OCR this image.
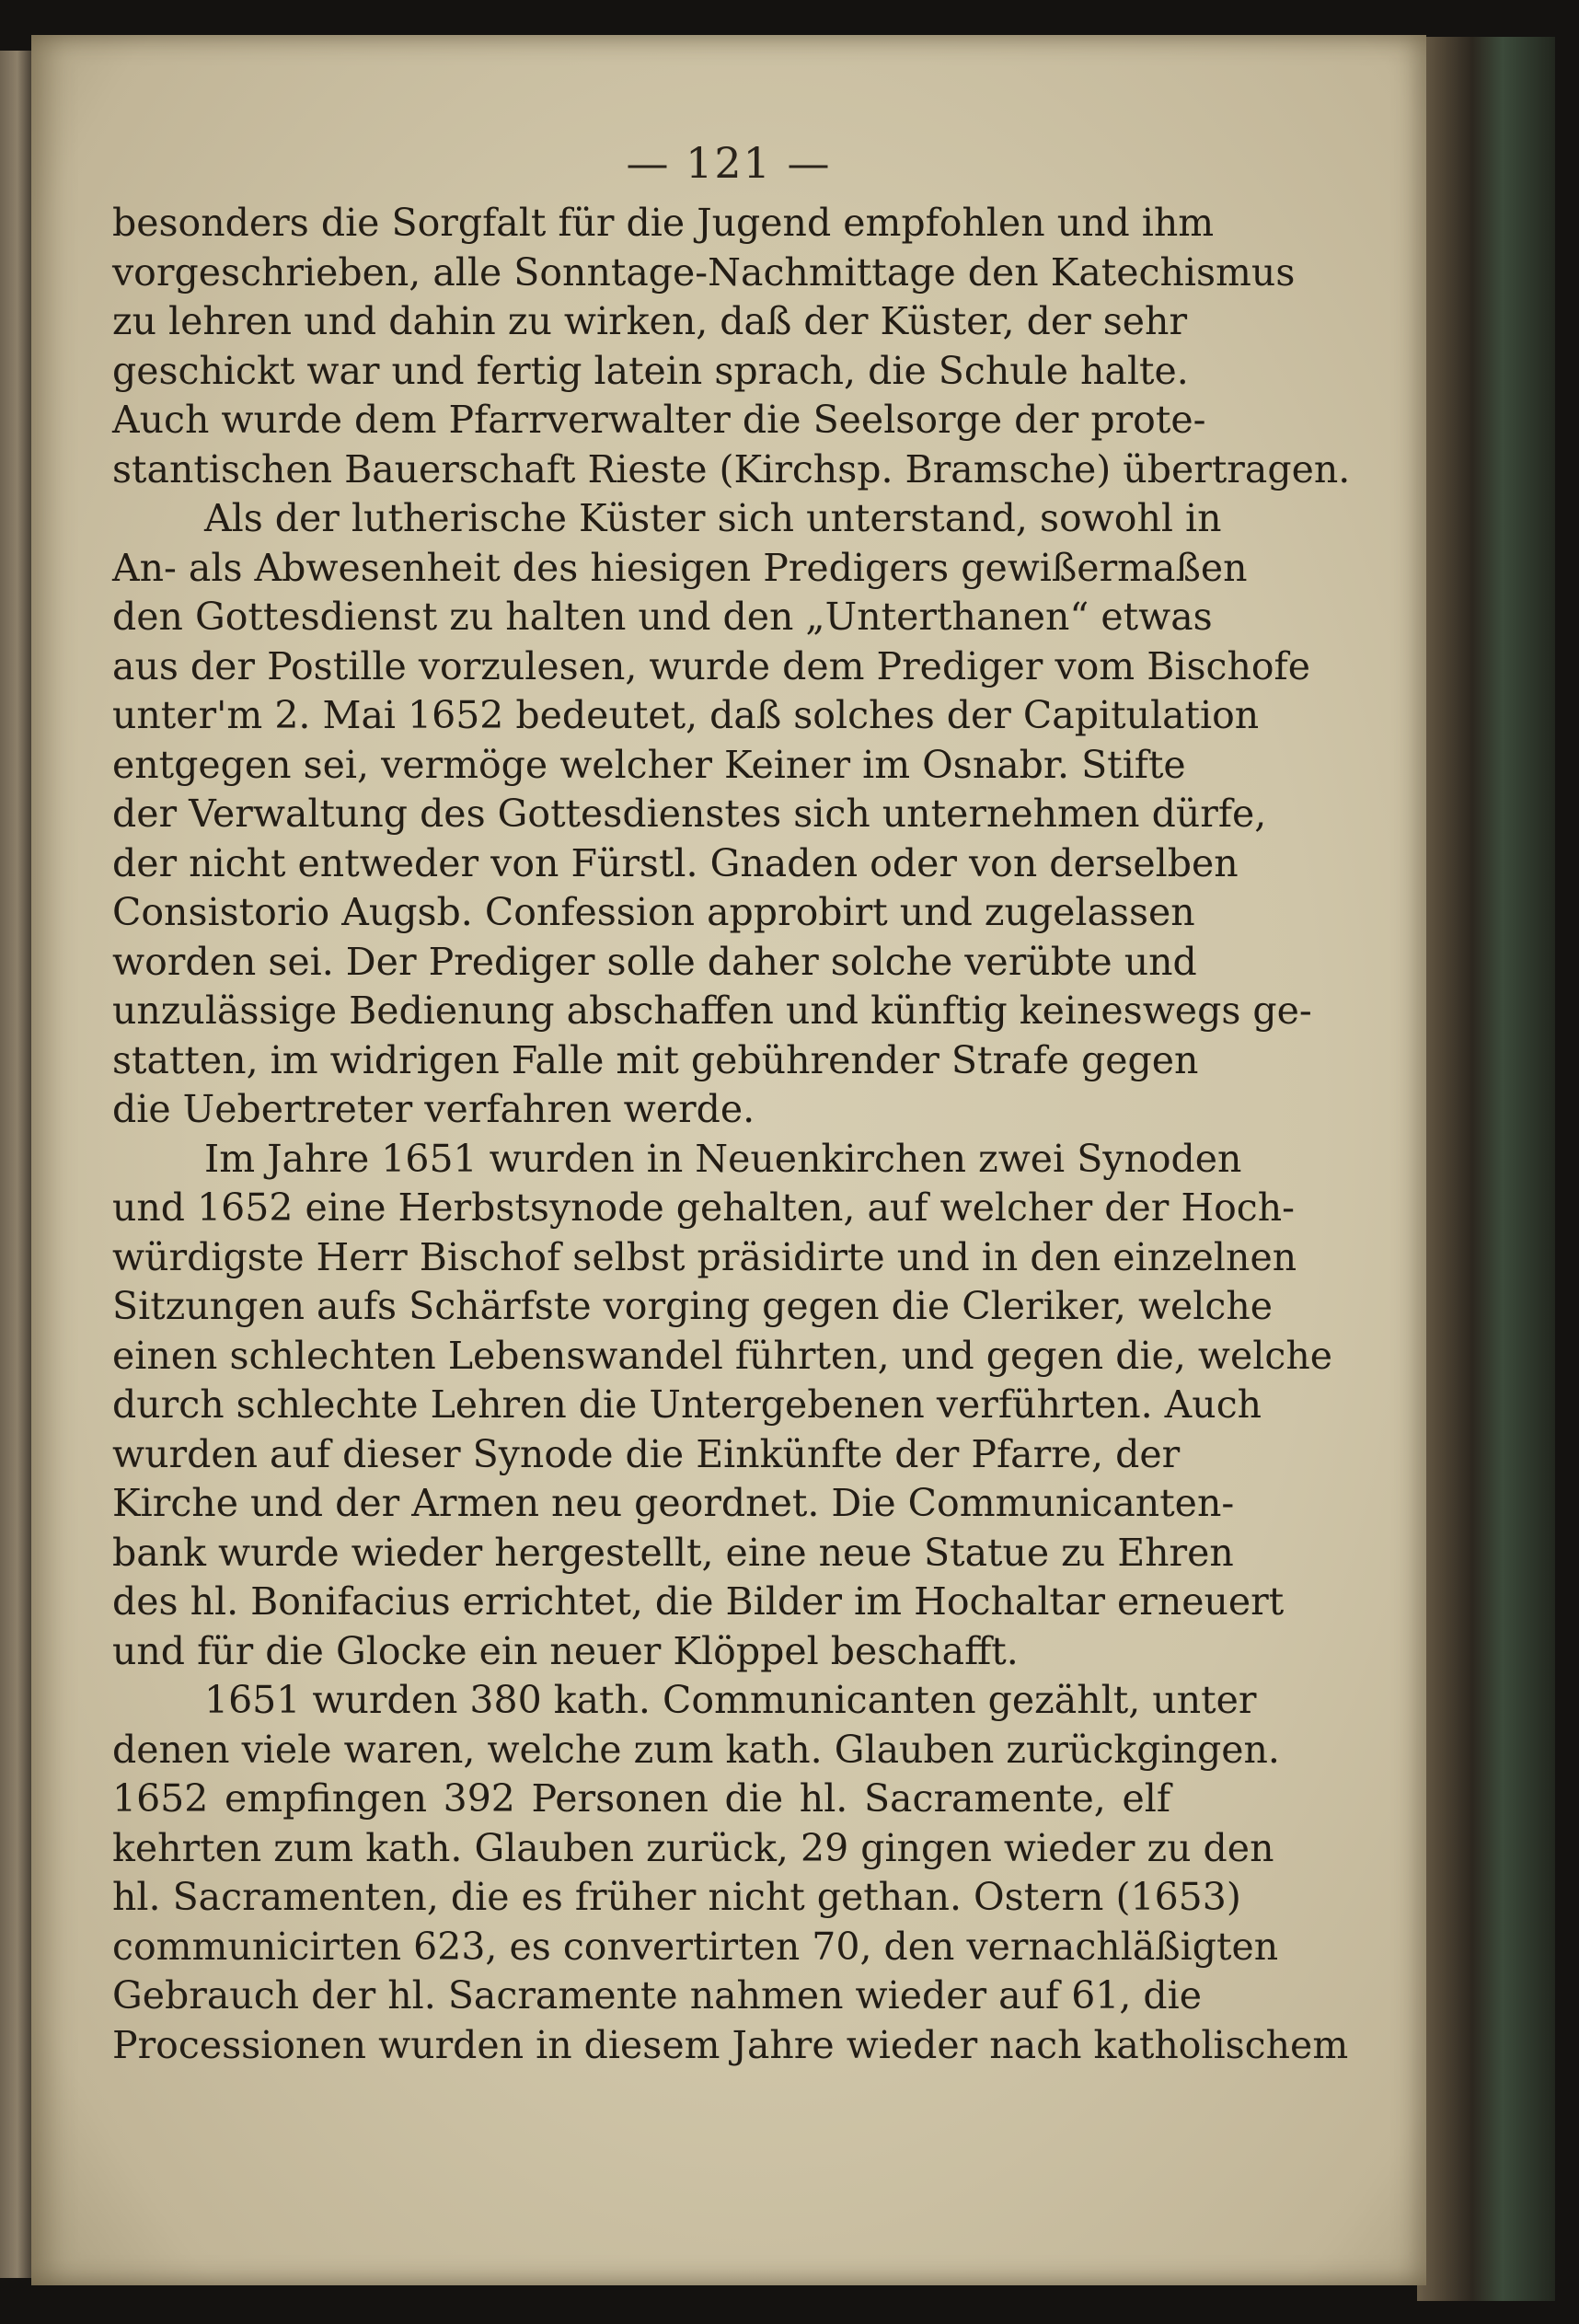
— 121 —
besonders die Sorgfalt für die Jugend empfohlen und ihm
vorgeschrieben, alle Sonntage-Nachmittage den Katechismus
zu lehren und dahin zu wirken, daß der Küster, der sehr
geschickt war und fertig latein sprach, die Schule halte.
Auch wurde dem Pfarrverwalter die Seelsorge der prote-
stantischen Bauerschaft Rieste (Kirchsp. Bramsche) übertragen.
Als der lutherische Küster sich unterstand, sowohl in
An- als Abwesenheit des hiesigen Predigers gewißermaßen
den Gottesdienst zu halten und den „Unterthanen“ etwas
aus der Postille vorzulesen, wurde dem Prediger vom Bischofe
unter'm 2. Mai 1652 bedeutet, daß solches der Capitulation
entgegen sei, vermöge welcher Keiner im Osnabr. Stifte
der Verwaltung des Gottesdienstes sich unternehmen dürfe,
der nicht entweder von Fürstl. Gnaden oder von derselben
Consistorio Augsb. Confession approbirt und zugelassen
worden sei. Der Prediger solle daher solche verübte und
unzulässige Bedienung abschaffen und künftig keineswegs ge-
statten, im widrigen Falle mit gebührender Strafe gegen
die Uebertreter verfahren werde.
Im Jahre 1651 wurden in Neuenkirchen zwei Synoden
und 1652 eine Herbstsynode gehalten, auf welcher der Hoch-
würdigste Herr Bischof selbst präsidirte und in den einzelnen
Sitzungen aufs Schärfste vorging gegen die Cleriker, welche
einen schlechten Lebenswandel führten, und gegen die, welche
durch schlechte Lehren die Untergebenen verführten. Auch
wurden auf dieser Synode die Einkünfte der Pfarre, der
Kirche und der Armen neu geordnet. Die Communicanten-
bank wurde wieder hergestellt, eine neue Statue zu Ehren
des hl. Bonifacius errichtet, die Bilder im Hochaltar erneuert
und für die Glocke ein neuer Klöppel beschafft.
1651 wurden 380 kath. Communicanten gezählt, unter
denen viele waren, welche zum kath. Glauben zurückgingen.
1652 empfingen 392 Personen die hl. Sacramente, elf
kehrten zum kath. Glauben zurück, 29 gingen wieder zu den
hl. Sacramenten, die es früher nicht gethan. Ostern (1653)
communicirten 623, es convertirten 70, den vernachläßigten
Gebrauch der hl. Sacramente nahmen wieder auf 61, die
Processionen wurden in diesem Jahre wieder nach katholischem
